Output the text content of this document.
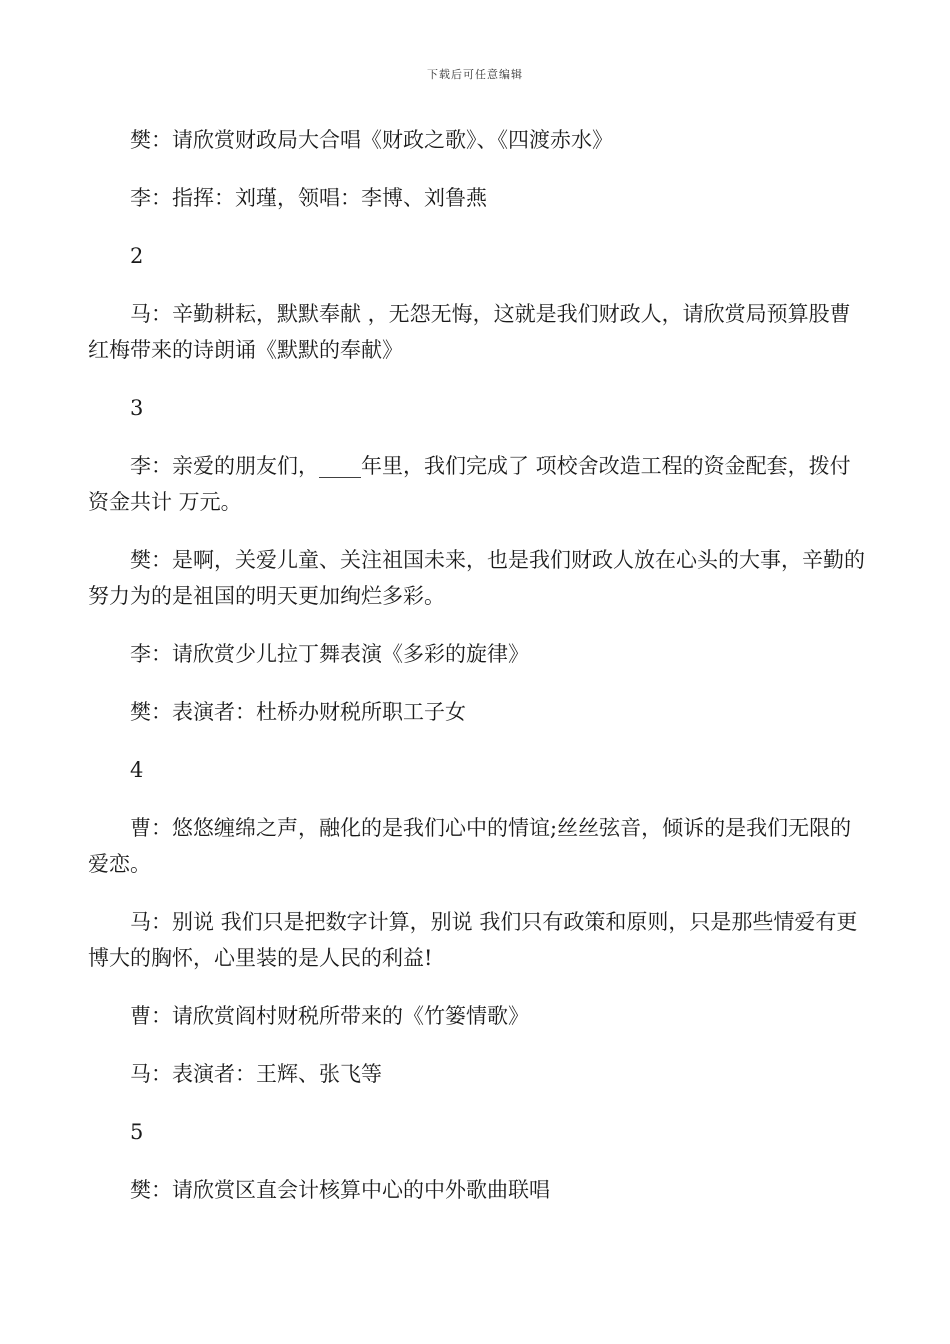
下载后可任意编辑

樊：请欣赏财政局大合唱《财政之歌》、《四渡赤水》

李：指挥：刘瑾，领唱：李博、刘鲁燕

2

马：辛勤耕耘，默默奉献 ，无怨无悔，这就是我们财政人，请欣赏局预算股曹红梅带来的诗朗诵《默默的奉献》

3

李：亲爱的朋友们，____年里，我们完成了 项校舍改造工程的资金配套，拨付资金共计 万元。

樊：是啊，关爱儿童、关注祖国未来，也是我们财政人放在心头的大事，辛勤的努力为的是祖国的明天更加绚烂多彩。

李：请欣赏少儿拉丁舞表演《多彩的旋律》

樊：表演者：杜桥办财税所职工子女

4

曹：悠悠缠绵之声，融化的是我们心中的情谊;丝丝弦音，倾诉的是我们无限的爱恋。

马：别说 我们只是把数字计算，别说 我们只有政策和原则，只是那些情爱有更博大的胸怀，心里装的是人民的利益!

曹：请欣赏阎村财税所带来的《竹篓情歌》

马：表演者：王辉、张飞等

5

樊：请欣赏区直会计核算中心的中外歌曲联唱
